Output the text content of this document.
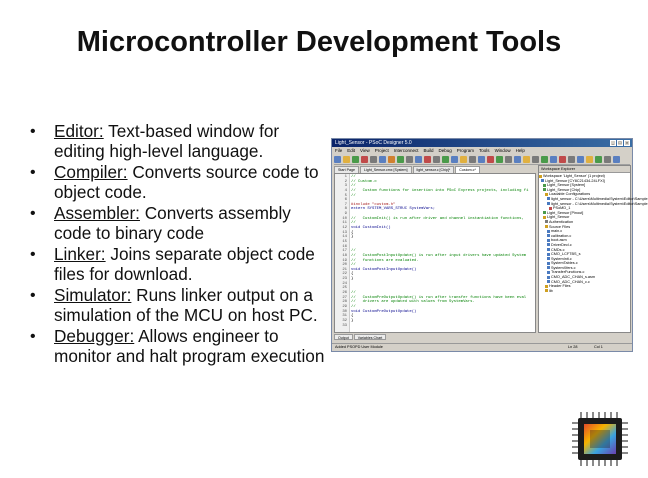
Microcontroller Development Tools
• Editor: Text-based window for editing high-level language.
• Compiler: Converts source code to object code.
• Assembler: Converts assembly code to binary code
• Linker: Joins separate object code files for download.
• Simulator: Runs linker output on a simulation of the MCU on host PC.
• Debugger: Allows engineer to monitor and halt program execution
Light_Sensor - PSoC Designer 5.0	_	□	×
File Edit View Project Interconnect Build Debug Program Tools Window Help
Start Page	Light_Sensor.cmx [System]	light_sensor.c [Chip]*	Custom.c*
1 //
2 // Custom.c
3 //
4 //   Custom functions for insertion into PSoC Express projects, including fi
5 //
6
7 #include "custom.h"
8 extern SYSTEM_VARS_STRUC SystemVars;
9
10 //   CustomInit() is run after driver and channel instantiation functions,
11 //
12 void CustomInit()
13 {
14 }
15
16
17 //
18 //   CustomPostInputUpdate() is run after input drivers have updated System
19 //   functions are evaluated.
20 //
21 void CustomPostInputUpdate()
22 {
23 }
24
25
26 //
27 //   CustomPreOutputUpdate() is run after transfer functions have been eval
28 //   drivers are updated with values from SystemVars.
29 //
30 void CustomPreOutputUpdate()
31 {
32 }
33
Workspace Explorer
Workspace 'Light_Sensor' (1 project)
Light_Sensor [CY8C21434-24LFXI]
Light_Sensor [System]
Light_Sensor [Chip]
Loadable Configurations
light_sensor - C:\Users\Multimedia\System\Editor\Sample
light_sensor - C:\Users\Multimedia\System\Editor\Sample
PSoMD_1
Light_Sensor [Pinout]
Light_Sensor
Authentication
Source Files
main.c
calibration.c
boot.asm
DriverDecl.c
CMDs.c
CMO_LCFTBS_s
SystemInit.c
SystemTables.c
SystemXfers.c
TransferFunctions.c
CMO_ADC_CHAN_s.asm
CMO_ADC_CHAN_c.c
Header Files
lib
Output	Variables Chart
Added PSOPD User Module	Ln 28	Col 1
